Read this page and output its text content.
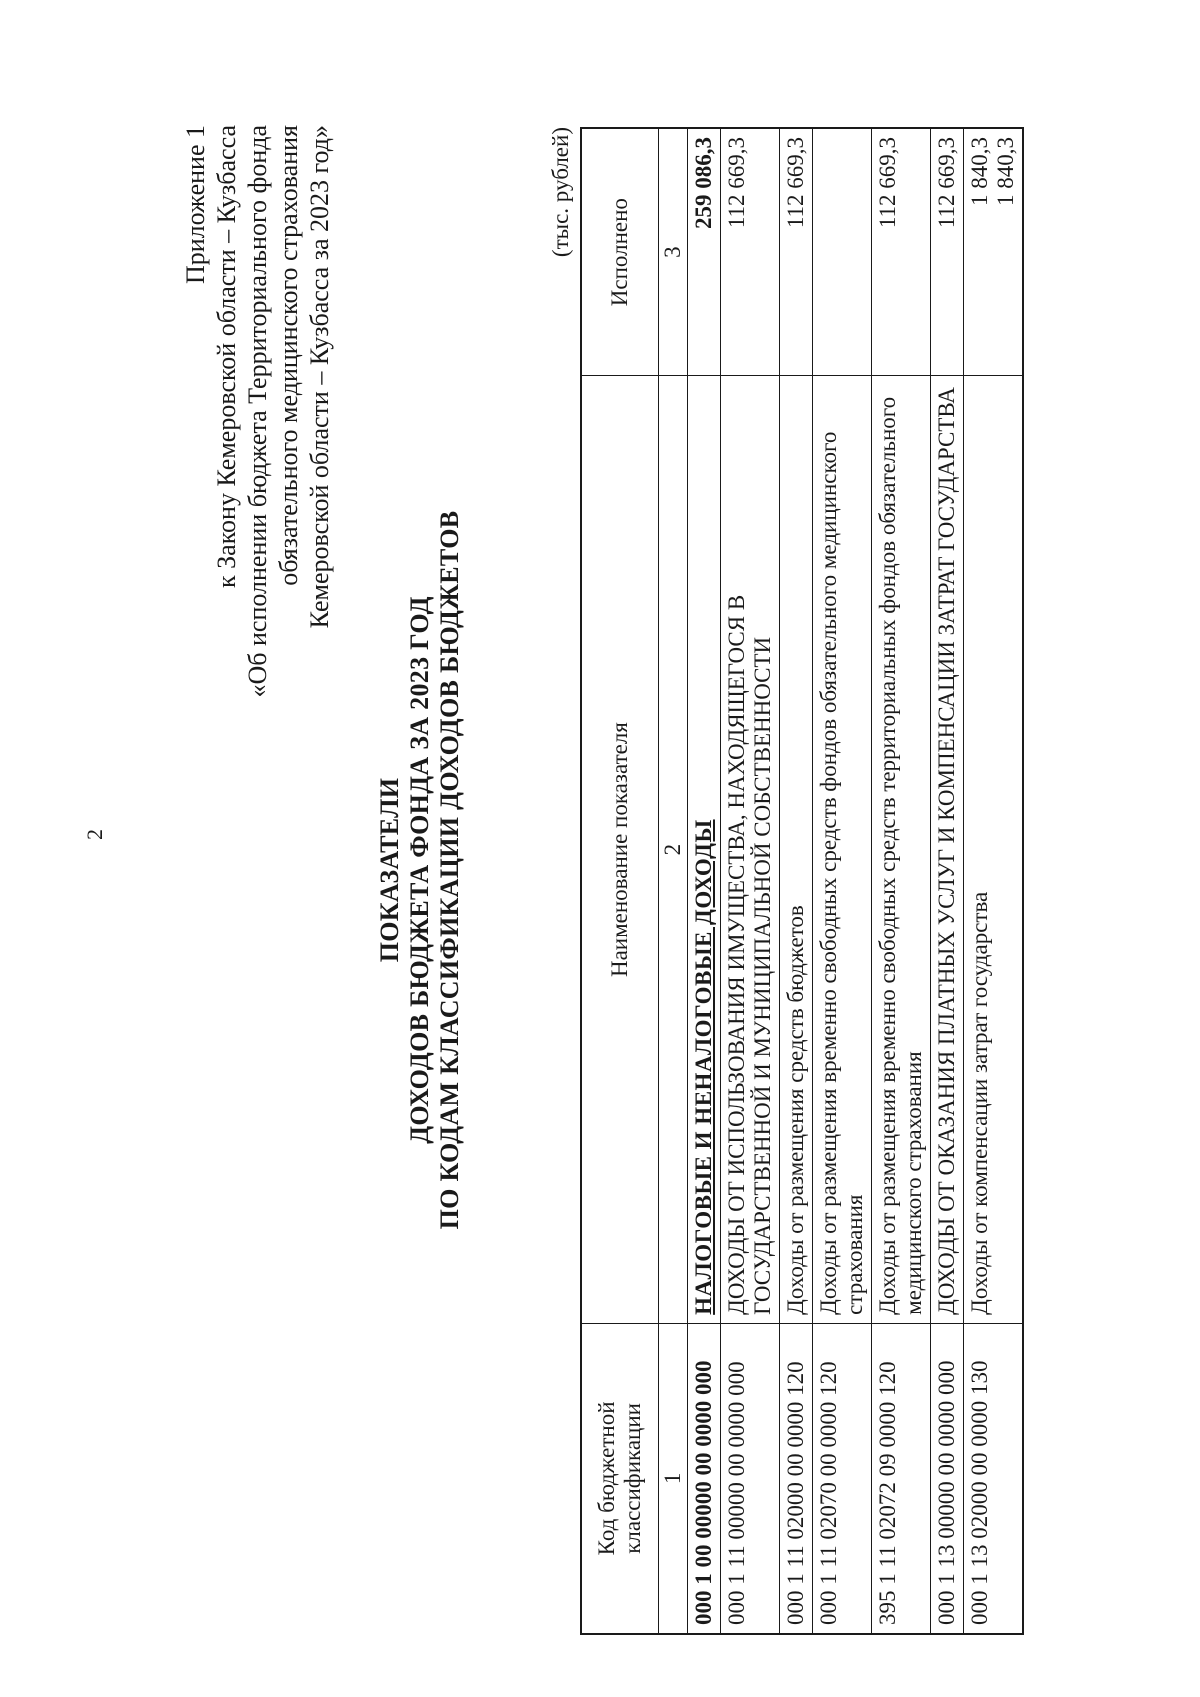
2
Приложение 1 к Закону Кемеровской области – Кузбасса «Об исполнении бюджета Территориального фонда обязательного медицинского страхования Кемеровской области – Кузбасса за 2023 год»
ПОКАЗАТЕЛИ ДОХОДОВ БЮДЖЕТА ФОНДА ЗА 2023 ГОД ПО КОДАМ КЛАССИФИКАЦИИ ДОХОДОВ БЮДЖЕТОВ
(тыс. рублей)
Код бюджетной классификации	Наименование показателя	Исполнено
1	2	3
000 1 00 00000 00 0000 000	НАЛОГОВЫЕ И НЕНАЛОГОВЫЕ ДОХОДЫ	259 086,3
000 1 11 00000 00 0000 000	ДОХОДЫ ОТ ИСПОЛЬЗОВАНИЯ ИМУЩЕСТВА, НАХОДЯЩЕГОСЯ В ГОСУДАРСТВЕННОЙ И МУНИЦИПАЛЬНОЙ СОБСТВЕННОСТИ	112 669,3
000 1 11 02000 00 0000 120	Доходы от размещения средств бюджетов	112 669,3
000 1 11 02070 00 0000 120	Доходы от размещения временно свободных средств фондов обязательного медицинского страхования	
395 1 11 02072 09 0000 120	Доходы от размещения временно свободных средств территориальных фондов обязательного медицинского страхования	112 669,3
000 1 13 00000 00 0000 000	ДОХОДЫ ОТ ОКАЗАНИЯ ПЛАТНЫХ УСЛУГ И КОМПЕНСАЦИИ ЗАТРАТ ГОСУДАРСТВА	112 669,3
000 1 13 02000 00 0000 130	Доходы от компенсации затрат государства	1 840,3 1 840,3
